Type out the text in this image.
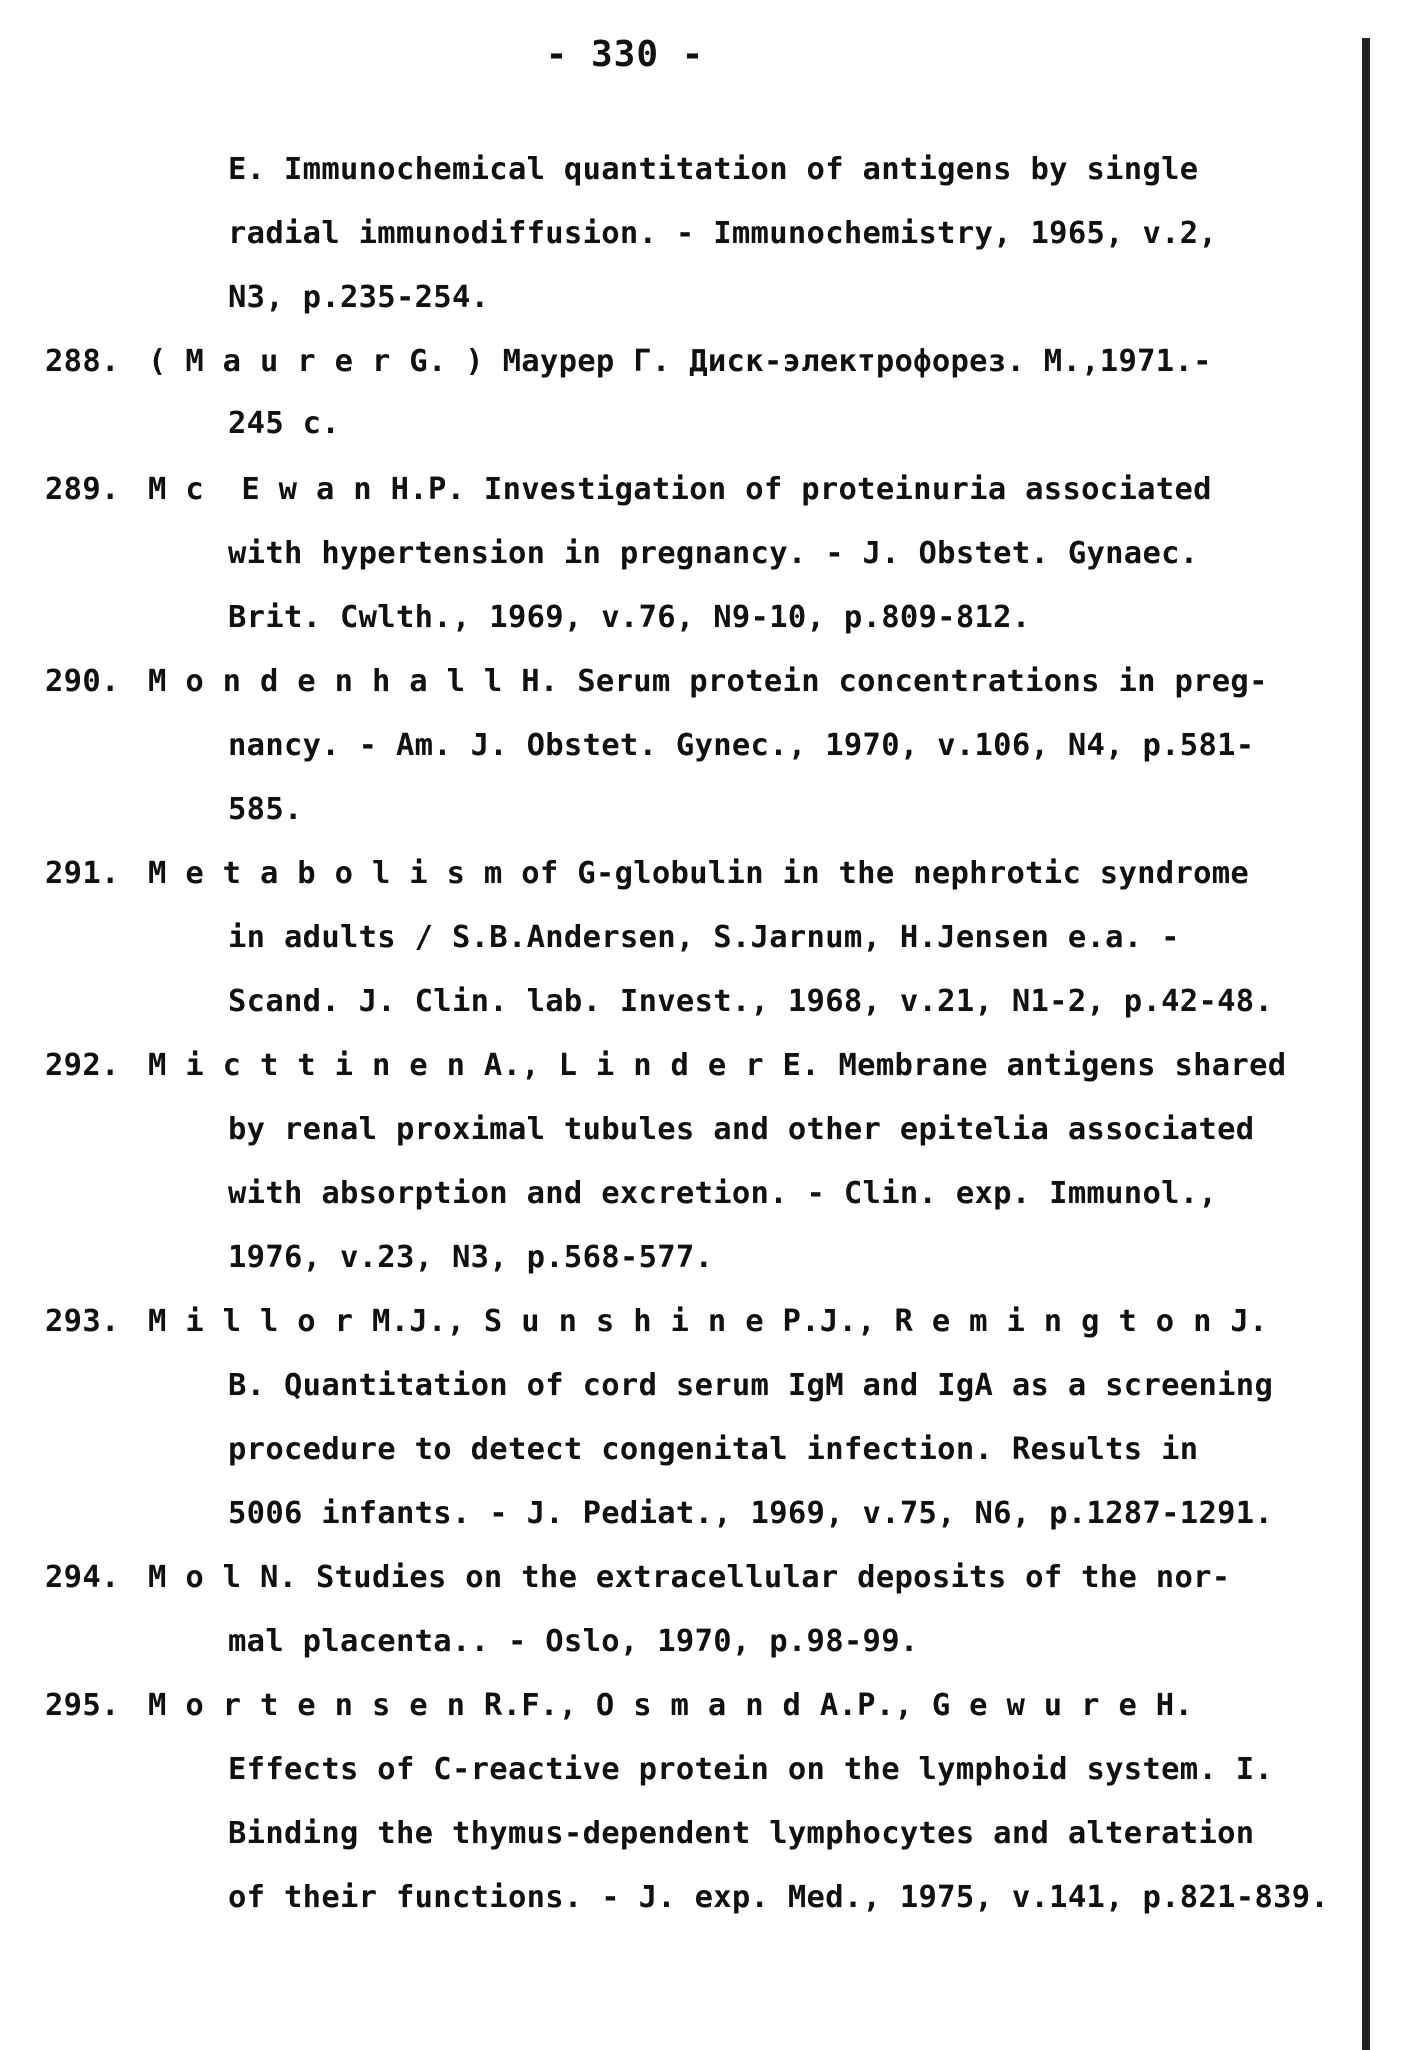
- 330 -
E. Immunochemical quantitation of antigens by single
radial immunodiffusion. - Immunochemistry, 1965, v.2,
N3, p.235-254.
288. ( M a u r e r G. ) Маурер Г. Диск-электрофорез. М.,1971.-
245 с.
289. M c  E w a n H.P. Investigation of proteinuria associated
with hypertension in pregnancy. - J. Obstet. Gynaec.
Brit. Cwlth., 1969, v.76, N9-10, p.809-812.
290. M o n d e n h a l l H. Serum protein concentrations in preg-
nancy. - Am. J. Obstet. Gynec., 1970, v.106, N4, p.581-
585.
291. M e t a b o l i s m of G-globulin in the nephrotic syndrome
in adults / S.B.Andersen, S.Jarnum, H.Jensen e.a. -
Scand. J. Clin. lab. Invest., 1968, v.21, N1-2, p.42-48.
292. M i c t t i n e n A., L i n d e r E. Membrane antigens shared
by renal proximal tubules and other epitelia associated
with absorption and excretion. - Clin. exp. Immunol.,
1976, v.23, N3, p.568-577.
293. M i l l o r M.J., S u n s h i n e P.J., R e m i n g t o n J.
B. Quantitation of cord serum IgM and IgA as a screening
procedure to detect congenital infection. Results in
5006 infants. - J. Pediat., 1969, v.75, N6, p.1287-1291.
294. M o l N. Studies on the extracellular deposits of the nor-
mal placenta.. - Oslo, 1970, p.98-99.
295. M o r t e n s e n R.F., O s m a n d A.P., G e w u r e H.
Effects of C-reactive protein on the lymphoid system. I.
Binding the thymus-dependent lymphocytes and alteration
of their functions. - J. exp. Med., 1975, v.141, p.821-839.
